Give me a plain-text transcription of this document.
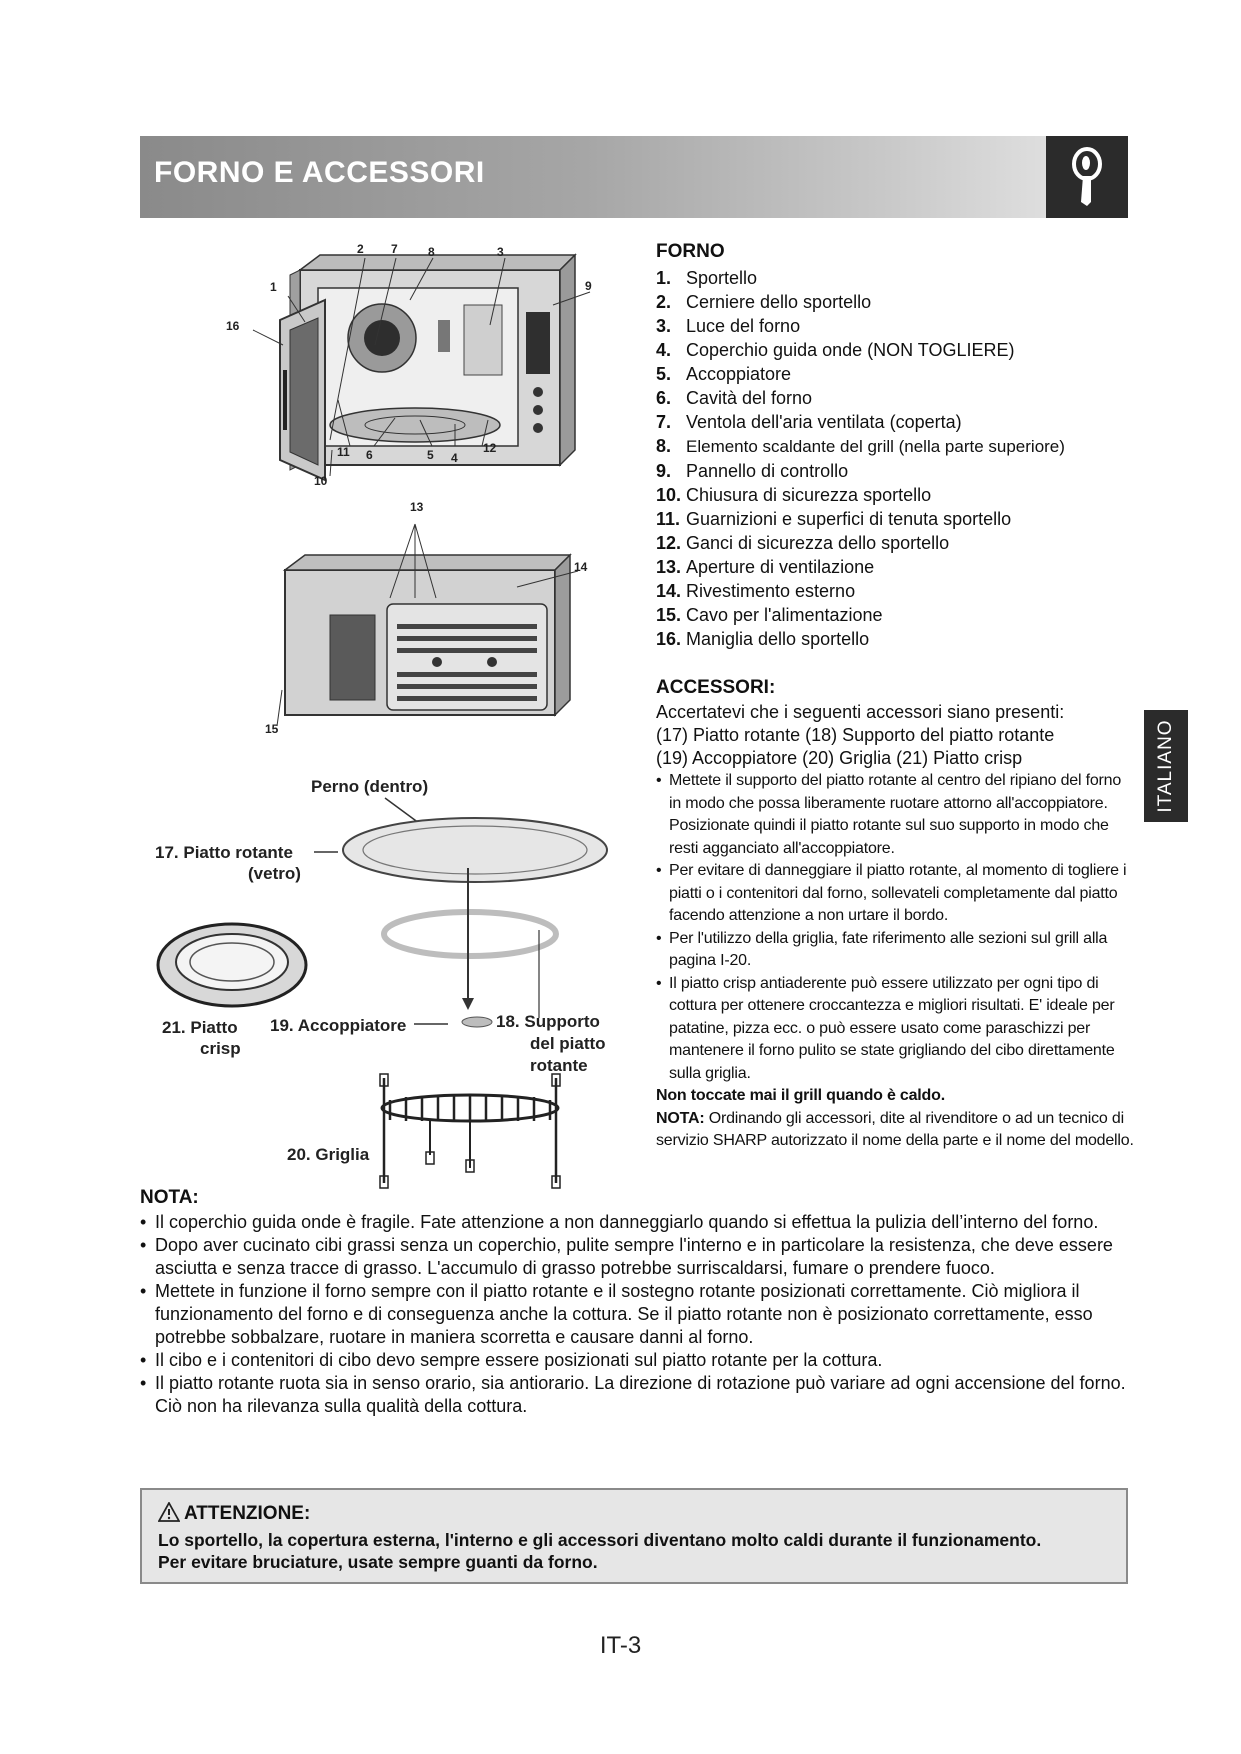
FORNO E ACCESSORI
ITALIANO
1
2 7	8	3
9
16
11 6	5 4
12
10
13
14
15
Perno (dentro)
17. Piatto rotante
(vetro)
21. Piatto
crisp
19. Accoppiatore	18. Supporto
del piatto
rotante
20. Griglia
FORNO
1. Sportello
2. Cerniere dello sportello
3. Luce del forno
4. Coperchio guida onde (NON TOGLIERE)
5. Accoppiatore
6. Cavità del forno
7. Ventola dell'aria ventilata (coperta)
8. Elemento scaldante del grill (nella parte superiore)
9. Pannello di controllo
10. Chiusura di sicurezza sportello
11. Guarnizioni e superfici di tenuta sportello
12. Ganci di sicurezza dello sportello
13. Aperture di ventilazione
14. Rivestimento esterno
15. Cavo per l'alimentazione
16. Maniglia dello sportello
ACCESSORI:
Accertatevi che i seguenti accessori siano presenti:
(17) Piatto rotante (18) Supporto del piatto rotante
(19) Accoppiatore (20) Griglia (21) Piatto crisp
• Mettete il supporto del piatto rotante al centro del ripiano del forno in modo che possa liberamente ruotare attorno all'accoppiatore. Posizionate quindi il piatto rotante sul suo supporto in modo che resti agganciato all'accoppiatore.
• Per evitare di danneggiare il piatto rotante, al momento di togliere i piatti o i contenitori dal forno, sollevateli completamente dal piatto facendo attenzione a non urtare il bordo.
• Per l'utilizzo della griglia, fate riferimento alle sezioni sul grill alla pagina I-20.
• Il piatto crisp antiaderente può essere utilizzato per ogni tipo di cottura per ottenere croccantezza e migliori risultati. E' ideale per patatine, pizza ecc. o può essere usato come paraschizzi per mantenere il forno pulito se state grigliando del cibo direttamente sulla griglia.
Non toccate mai il grill quando è caldo.
NOTA: Ordinando gli accessori, dite al rivenditore o ad un tecnico di servizio SHARP autorizzato il nome della parte e il nome del modello.
NOTA:
• Il coperchio guida onde è fragile. Fate attenzione a non danneggiarlo quando si effettua la pulizia dell’interno del forno.
• Dopo aver cucinato cibi grassi senza un coperchio, pulite sempre l'interno e in particolare la resistenza, che deve essere asciutta e senza tracce di grasso. L'accumulo di grasso potrebbe surriscaldarsi, fumare o prendere fuoco.
• Mettete in funzione il forno sempre con il piatto rotante e il sostegno rotante posizionati correttamente. Ciò migliora il funzionamento del forno e di conseguenza anche la cottura. Se il piatto rotante non è posizionato correttamente, esso potrebbe sobbalzare, ruotare in maniera scorretta e causare danni al forno.
• Il cibo e i contenitori di cibo devo sempre essere posizionati sul piatto rotante per la cottura.
• Il piatto rotante ruota sia in senso orario, sia antiorario. La direzione di rotazione può variare ad ogni accensione del forno. Ciò non ha rilevanza sulla qualità della cottura.
ATTENZIONE:
Lo sportello, la copertura esterna, l'interno e gli accessori diventano molto caldi durante il funzionamento.
Per evitare bruciature, usate sempre guanti da forno.
IT-3
